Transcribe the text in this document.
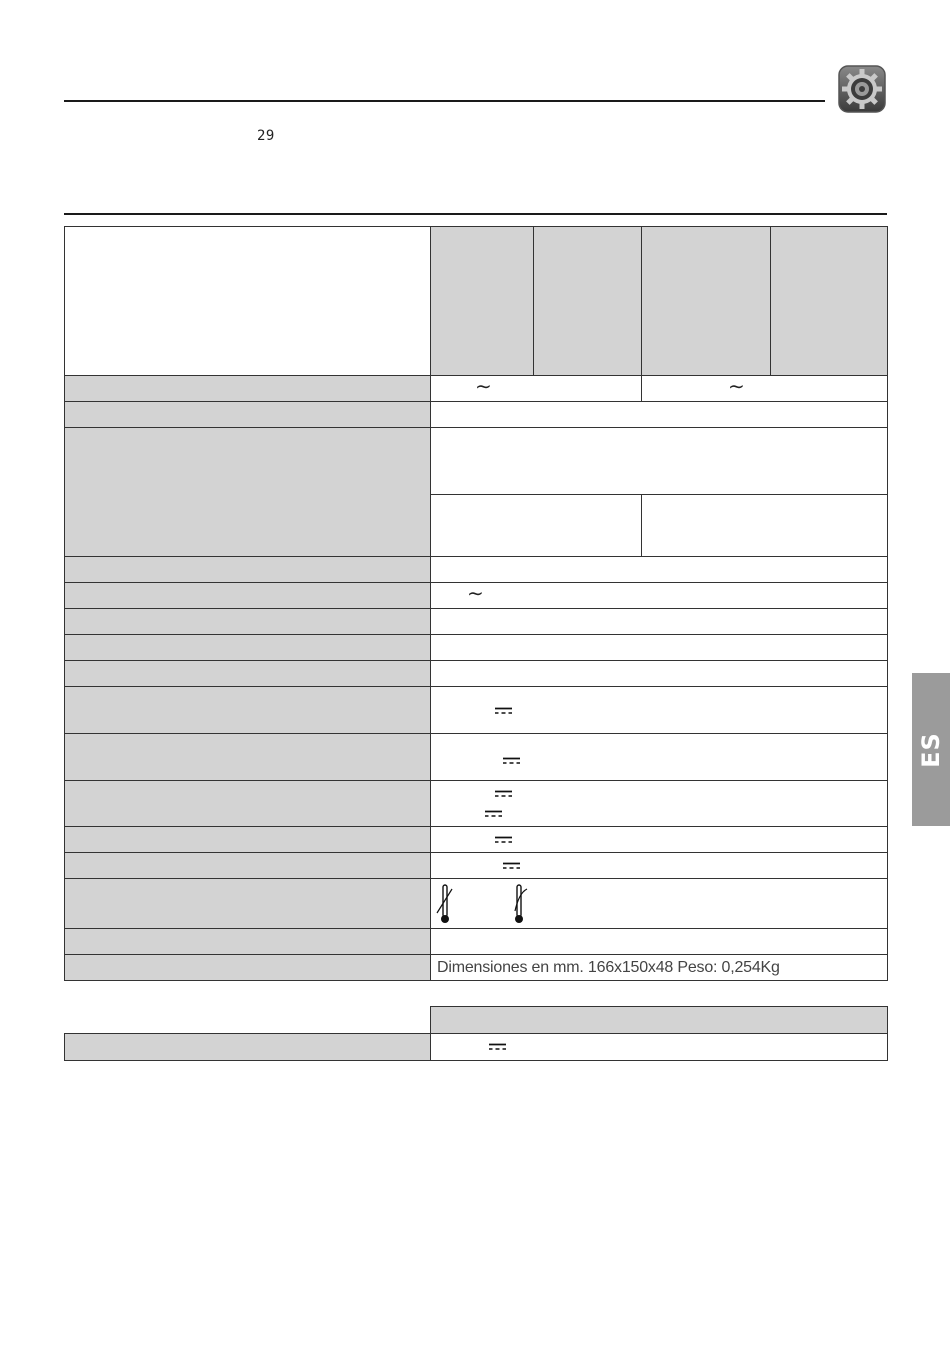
29

	∼		∼	

	∼			

	Dimensiones en mm. 166x150x48 Peso: 0,254Kg			

ES
